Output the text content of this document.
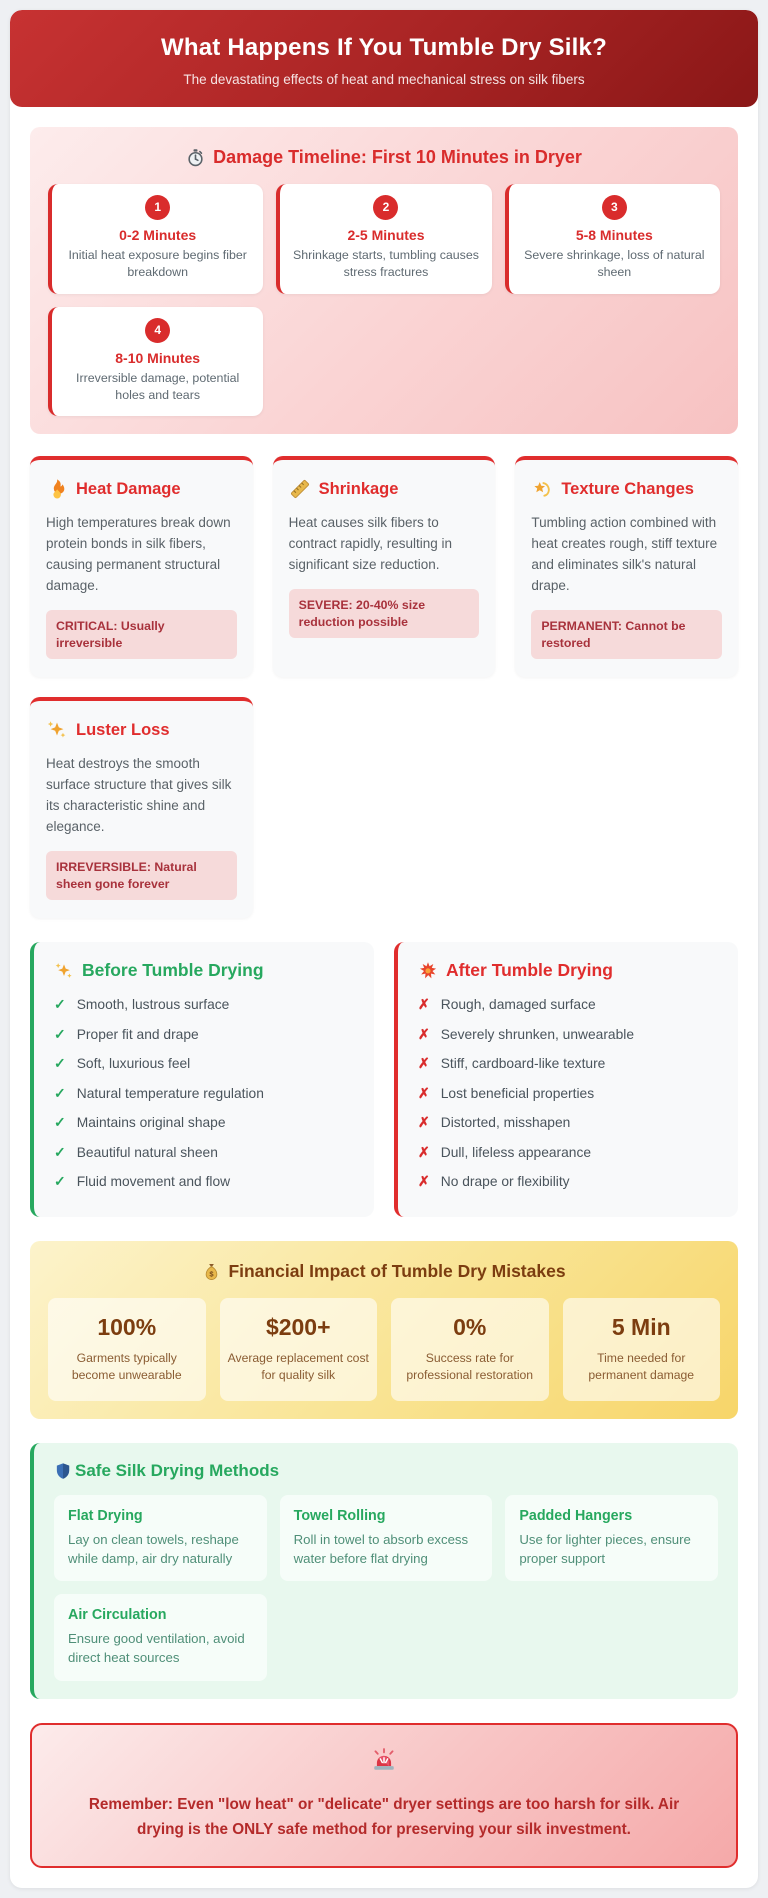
What Happens If You Tumble Dry Silk?

The devastating effects of heat and mechanical stress on silk fibers

Damage Timeline: First 10 Minutes in Dryer
1
0-2 Minutes
Initial heat exposure begins fiber breakdown
2
2-5 Minutes
Shrinkage starts, tumbling causes stress fractures
3
5-8 Minutes
Severe shrinkage, loss of natural sheen
4
8-10 Minutes
Irreversible damage, potential holes and tears
Heat Damage
High temperatures break down protein bonds in silk fibers, causing permanent structural damage.
CRITICAL: Usually irreversible
Shrinkage
Heat causes silk fibers to contract rapidly, resulting in significant size reduction.
SEVERE: 20-40% size reduction possible
Texture Changes
Tumbling action combined with heat creates rough, stiff texture and eliminates silk's natural drape.
PERMANENT: Cannot be restored
Luster Loss
Heat destroys the smooth surface structure that gives silk its characteristic shine and elegance.
IRREVERSIBLE: Natural sheen gone forever
Before Tumble Drying
✓ Smooth, lustrous surface
✓ Proper fit and drape
✓ Soft, luxurious feel
✓ Natural temperature regulation
✓ Maintains original shape
✓ Beautiful natural sheen
✓ Fluid movement and flow
After Tumble Drying
✗ Rough, damaged surface
✗ Severely shrunken, unwearable
✗ Stiff, cardboard-like texture
✗ Lost beneficial properties
✗ Distorted, misshapen
✗ Dull, lifeless appearance
✗ No drape or flexibility
$ Financial Impact of Tumble Dry Mistakes
100%
Garments typically become unwearable
$200+
Average replacement cost for quality silk
0%
Success rate for professional restoration
5 Min
Time needed for permanent damage
Safe Silk Drying Methods
Flat Drying
Lay on clean towels, reshape while damp, air dry naturally
Towel Rolling
Roll in towel to absorb excess water before flat drying
Padded Hangers
Use for lighter pieces, ensure proper support
Air Circulation
Ensure good ventilation, avoid direct heat sources
Remember: Even "low heat" or "delicate" dryer settings are too harsh for silk. Air drying is the ONLY safe method for preserving your silk investment.
